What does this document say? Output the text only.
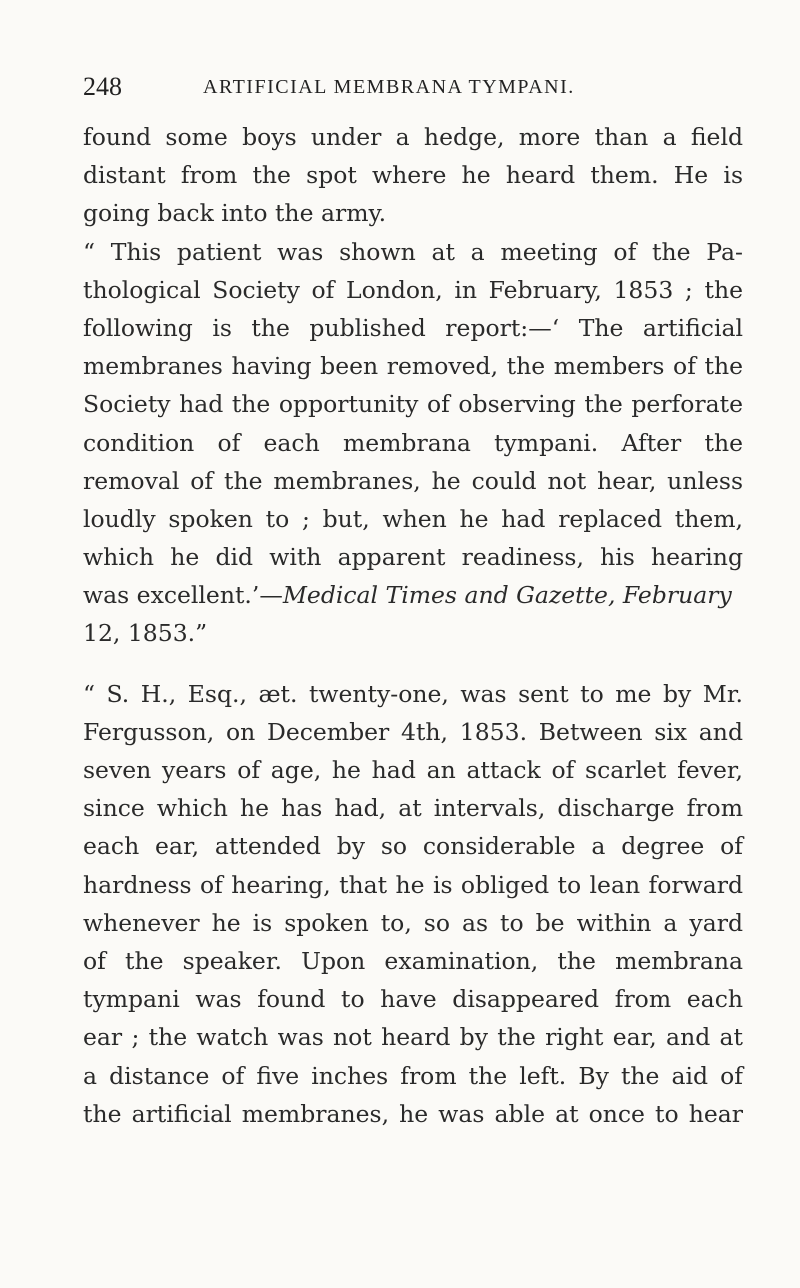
248	ARTIFICIAL MEMBRANA TYMPANI.
found some boys under a hedge, more than a field
distant from the spot where he heard them. He is
going back into the army.
“ This patient was shown at a meeting of the Pa-
thological Society of London, in February, 1853 ; the
following is the published report:—‘ The artificial
membranes having been removed, the members of the
Society had the opportunity of observing the perforate
condition of each membrana tympani. After the
removal of the membranes, he could not hear, unless
loudly spoken to ; but, when he had replaced them,
which he did with apparent readiness, his hearing
was excellent.’—Medical Times and Gazette, February
12, 1853.”
“ S. H., Esq., æt. twenty-one, was sent to me by Mr.
Fergusson, on December 4th, 1853. Between six and
seven years of age, he had an attack of scarlet fever,
since which he has had, at intervals, discharge from
each ear, attended by so considerable a degree of
hardness of hearing, that he is obliged to lean forward
whenever he is spoken to, so as to be within a yard
of the speaker. Upon examination, the membrana
tympani was found to have disappeared from each
ear ; the watch was not heard by the right ear, and at
a distance of five inches from the left. By the aid of
the artificial membranes, he was able at once to hear
